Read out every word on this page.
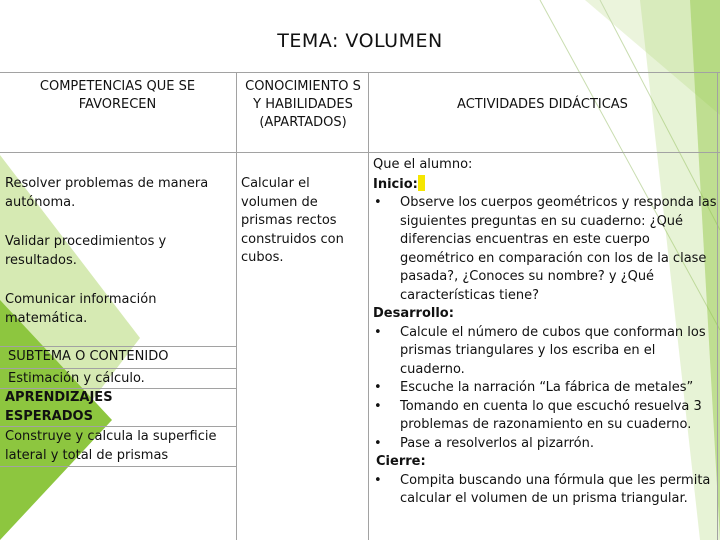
TEMA: VOLUMEN
COMPETENCIAS QUE SE FAVORECEN
CONOCIMIENTO S Y HABILIDADES (APARTADOS)
ACTIVIDADES DIDÁCTICAS
Resolver problemas de manera autónoma.
Validar procedimientos y resultados.
Comunicar información matemática.
SUBTEMA O CONTENIDO
Estimación y cálculo.
APRENDIZAJES
ESPERADOS
Construye y calcula la superficie lateral y total de prismas
Calcular el volumen de prismas rectos construidos con cubos.
Que el alumno:
Inicio:
• Observe los cuerpos geométricos y responda las siguientes preguntas en su cuaderno: ¿Qué diferencias encuentras en este cuerpo geométrico en comparación con los de la clase pasada?, ¿Conoces su nombre? y ¿Qué características tiene?
Desarrollo:
• Calcule el número de cubos que conforman los prismas triangulares y los escriba en el cuaderno.
• Escuche la narración “La fábrica de metales”
• Tomando en cuenta lo que escuchó resuelva 3 problemas de razonamiento en su cuaderno.
• Pase a resolverlos al pizarrón.
Cierre:
• Compita buscando una fórmula que les permita calcular el volumen de un prisma triangular.
